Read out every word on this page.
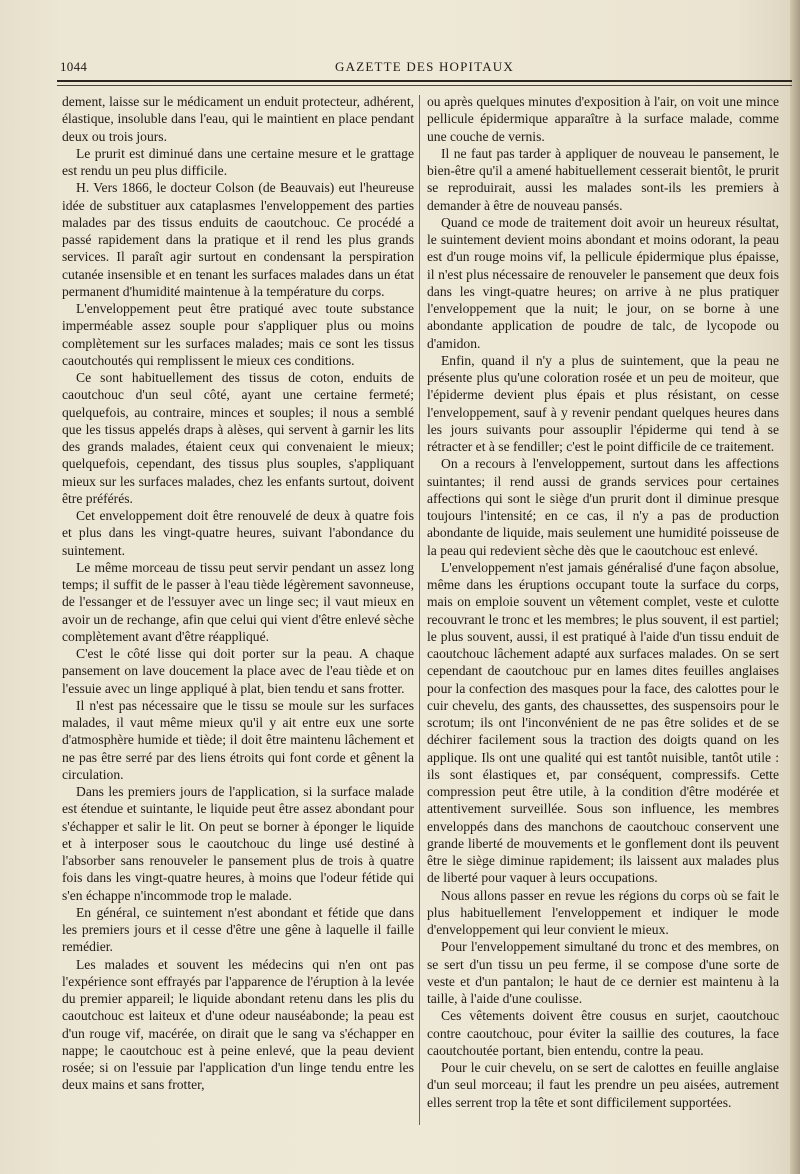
1044	GAZETTE DES HOPITAUX

dement, laisse sur le médicament un enduit protecteur, adhérent, élastique, insoluble dans l'eau, qui le maintient en place pendant deux ou trois jours.

Le prurit est diminué dans une certaine mesure et le grattage est rendu un peu plus difficile.

H. Vers 1866, le docteur Colson (de Beauvais) eut l'heureuse idée de substituer aux cataplasmes l'enveloppement des parties malades par des tissus enduits de caoutchouc. Ce procédé a passé rapidement dans la pratique et il rend les plus grands services. Il paraît agir surtout en condensant la perspiration cutanée insensible et en tenant les surfaces malades dans un état permanent d'humidité maintenue à la température du corps.

L'enveloppement peut être pratiqué avec toute substance imperméable assez souple pour s'appliquer plus ou moins complètement sur les surfaces malades; mais ce sont les tissus caoutchoutés qui remplissent le mieux ces conditions.

Ce sont habituellement des tissus de coton, enduits de caoutchouc d'un seul côté, ayant une certaine fermeté; quelquefois, au contraire, minces et souples; il nous a semblé que les tissus appelés draps à alèses, qui servent à garnir les lits des grands malades, étaient ceux qui convenaient le mieux; quelquefois, cependant, des tissus plus souples, s'appliquant mieux sur les surfaces malades, chez les enfants surtout, doivent être préférés.

Cet enveloppement doit être renouvelé de deux à quatre fois et plus dans les vingt-quatre heures, suivant l'abondance du suintement.

Le même morceau de tissu peut servir pendant un assez long temps; il suffit de le passer à l'eau tiède légèrement savonneuse, de l'essanger et de l'essuyer avec un linge sec; il vaut mieux en avoir un de rechange, afin que celui qui vient d'être enlevé sèche complètement avant d'être réappliqué.

C'est le côté lisse qui doit porter sur la peau. A chaque pansement on lave doucement la place avec de l'eau tiède et on l'essuie avec un linge appliqué à plat, bien tendu et sans frotter.

Il n'est pas nécessaire que le tissu se moule sur les surfaces malades, il vaut même mieux qu'il y ait entre eux une sorte d'atmosphère humide et tiède; il doit être maintenu lâchement et ne pas être serré par des liens étroits qui font corde et gênent la circulation.

Dans les premiers jours de l'application, si la surface malade est étendue et suintante, le liquide peut être assez abondant pour s'échapper et salir le lit. On peut se borner à éponger le liquide et à interposer sous le caoutchouc du linge usé destiné à l'absorber sans renouveler le pansement plus de trois à quatre fois dans les vingt-quatre heures, à moins que l'odeur fétide qui s'en échappe n'incommode trop le malade.

En général, ce suintement n'est abondant et fétide que dans les premiers jours et il cesse d'être une gêne à laquelle il faille remédier.

Les malades et souvent les médecins qui n'en ont pas l'expérience sont effrayés par l'apparence de l'éruption à la levée du premier appareil; le liquide abondant retenu dans les plis du caoutchouc est laiteux et d'une odeur nauséabonde; la peau est d'un rouge vif, macérée, on dirait que le sang va s'échapper en nappe; le caoutchouc est à peine enlevé, que la peau devient rosée; si on l'essuie par l'application d'un linge tendu entre les deux mains et sans frotter,

ou après quelques minutes d'exposition à l'air, on voit une mince pellicule épidermique apparaître à la surface malade, comme une couche de vernis.

Il ne faut pas tarder à appliquer de nouveau le pansement, le bien-être qu'il a amené habituellement cesserait bientôt, le prurit se reproduirait, aussi les malades sont-ils les premiers à demander à être de nouveau pansés.

Quand ce mode de traitement doit avoir un heureux résultat, le suintement devient moins abondant et moins odorant, la peau est d'un rouge moins vif, la pellicule épidermique plus épaisse, il n'est plus nécessaire de renouveler le pansement que deux fois dans les vingt-quatre heures; on arrive à ne plus pratiquer l'enveloppement que la nuit; le jour, on se borne à une abondante application de poudre de talc, de lycopode ou d'amidon.

Enfin, quand il n'y a plus de suintement, que la peau ne présente plus qu'une coloration rosée et un peu de moiteur, que l'épiderme devient plus épais et plus résistant, on cesse l'enveloppement, sauf à y revenir pendant quelques heures dans les jours suivants pour assouplir l'épiderme qui tend à se rétracter et à se fendiller; c'est le point difficile de ce traitement.

On a recours à l'enveloppement, surtout dans les affections suintantes; il rend aussi de grands services pour certaines affections qui sont le siège d'un prurit dont il diminue presque toujours l'intensité; en ce cas, il n'y a pas de production abondante de liquide, mais seulement une humidité poisseuse de la peau qui redevient sèche dès que le caoutchouc est enlevé.

L'enveloppement n'est jamais généralisé d'une façon absolue, même dans les éruptions occupant toute la surface du corps, mais on emploie souvent un vêtement complet, veste et culotte recouvrant le tronc et les membres; le plus souvent, il est partiel; le plus souvent, aussi, il est pratiqué à l'aide d'un tissu enduit de caoutchouc lâchement adapté aux surfaces malades. On se sert cependant de caoutchouc pur en lames dites feuilles anglaises pour la confection des masques pour la face, des calottes pour le cuir chevelu, des gants, des chaussettes, des suspensoirs pour le scrotum; ils ont l'inconvénient de ne pas être solides et de se déchirer facilement sous la traction des doigts quand on les applique. Ils ont une qualité qui est tantôt nuisible, tantôt utile : ils sont élastiques et, par conséquent, compressifs. Cette compression peut être utile, à la condition d'être modérée et attentivement surveillée. Sous son influence, les membres enveloppés dans des manchons de caoutchouc conservent une grande liberté de mouvements et le gonflement dont ils peuvent être le siège diminue rapidement; ils laissent aux malades plus de liberté pour vaquer à leurs occupations.

Nous allons passer en revue les régions du corps où se fait le plus habituellement l'enveloppement et indiquer le mode d'enveloppement qui leur convient le mieux.

Pour l'enveloppement simultané du tronc et des membres, on se sert d'un tissu un peu ferme, il se compose d'une sorte de veste et d'un pantalon; le haut de ce dernier est maintenu à la taille, à l'aide d'une coulisse.

Ces vêtements doivent être cousus en surjet, caoutchouc contre caoutchouc, pour éviter la saillie des coutures, la face caoutchoutée portant, bien entendu, contre la peau.

Pour le cuir chevelu, on se sert de calottes en feuille anglaise d'un seul morceau; il faut les prendre un peu aisées, autrement elles serrent trop la tête et sont difficilement supportées.
